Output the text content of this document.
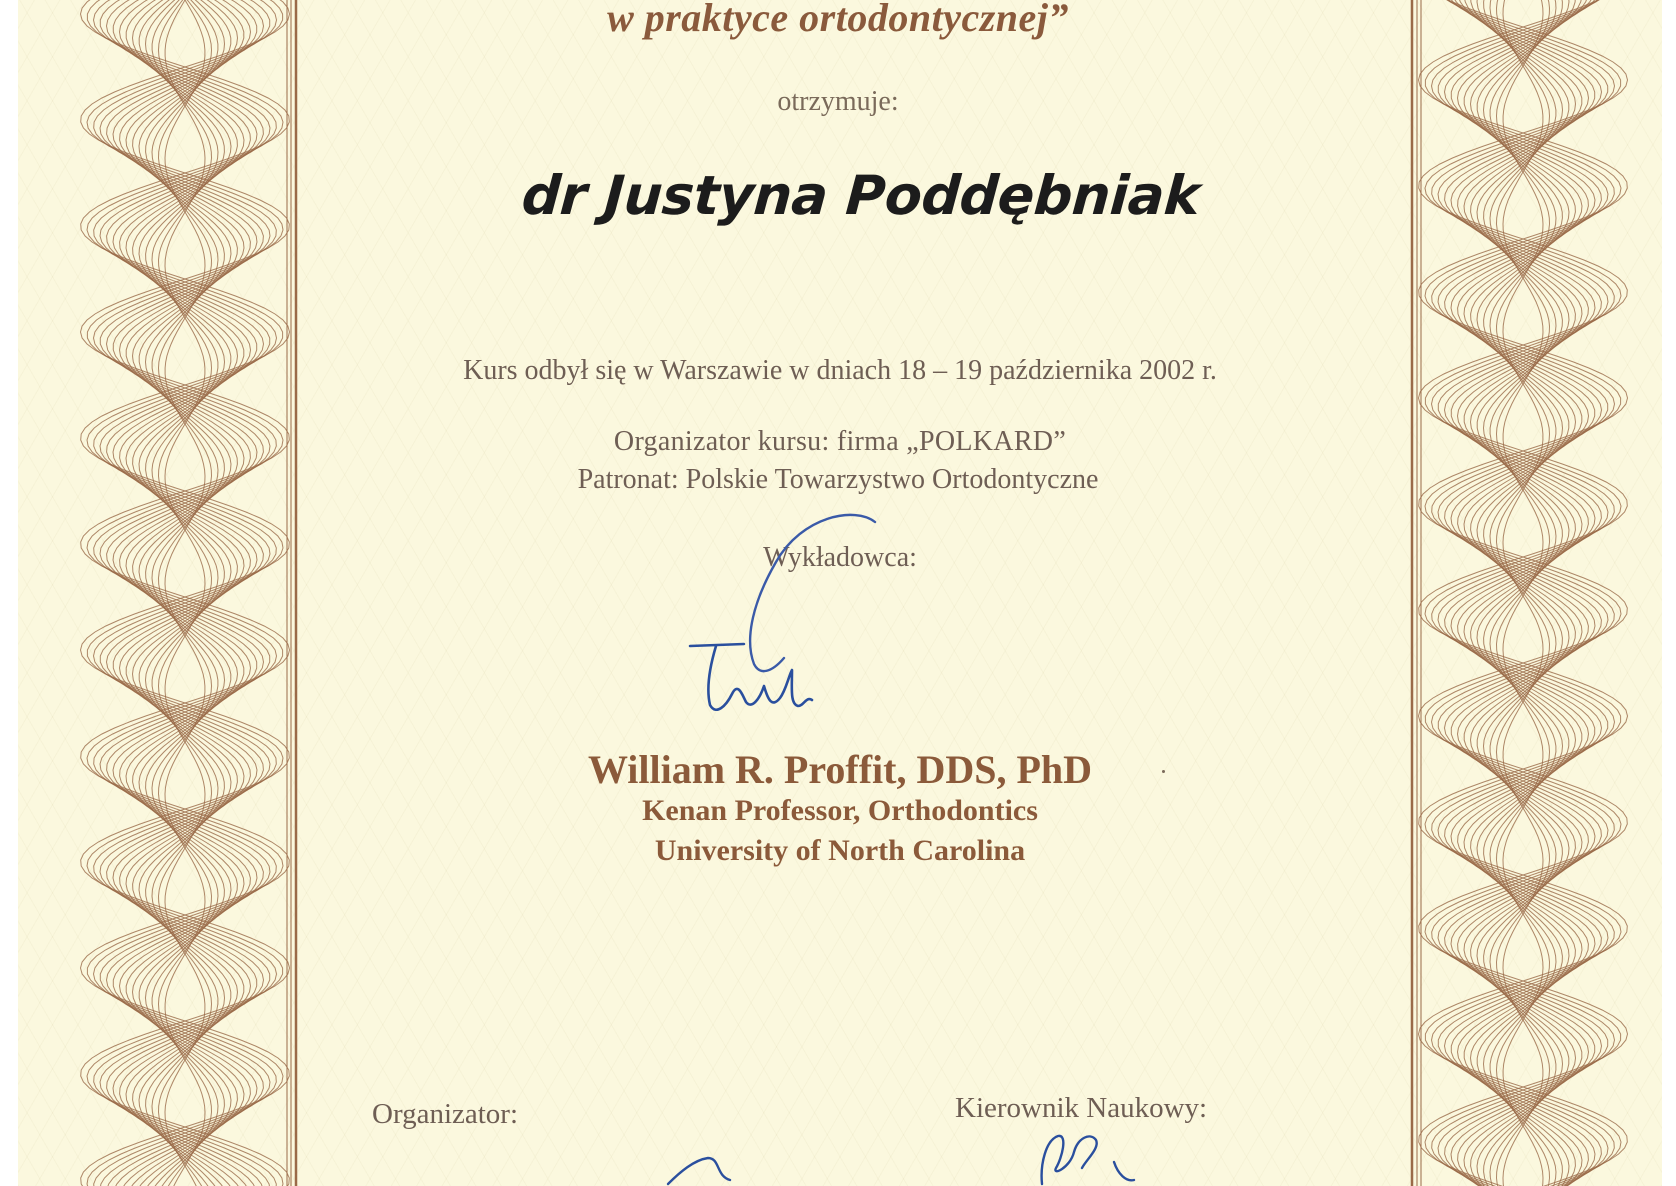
w praktyce ortodontycznej”
otrzymuje:
dr Justyna Poddębniak
Kurs odbył się w Warszawie w dniach 18 – 19 października 2002 r.
Organizator kursu: firma „POLKARD”
Patronat: Polskie Towarzystwo Ortodontyczne
Wykładowca:
William R. Proffit, DDS, PhD
Kenan Professor, Orthodontics
University of North Carolina
Organizator:	Kierownik Naukowy:
